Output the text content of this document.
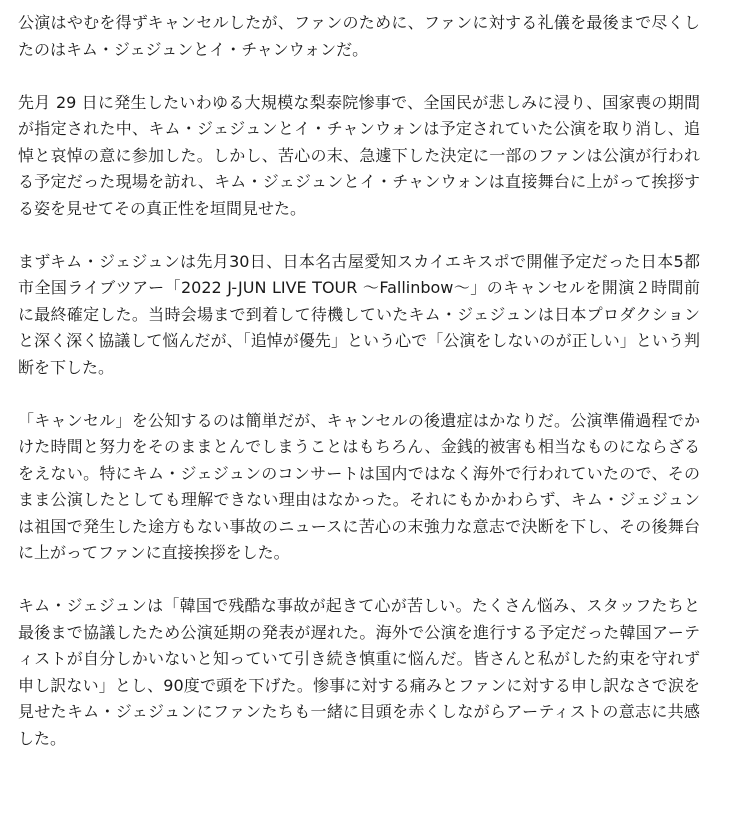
公演はやむを得ずキャンセルしたが、ファンのために、ファンに対する礼儀を最後まで尽くしたのはキム・ジェジュンとイ・チャンウォンだ。

先月 29 日に発生したいわゆる大規模な梨泰院惨事で、全国民が悲しみに浸り、国家喪の期間が指定された中、キム・ジェジュンとイ・チャンウォンは予定されていた公演を取り消し、追悼と哀悼の意に参加した。しかし、苦心の末、急遽下した決定に一部のファンは公演が行われる予定だった現場を訪れ、キム・ジェジュンとイ・チャンウォンは直接舞台に上がって挨拶する姿を見せてその真正性を垣間見せた。

まずキム・ジェジュンは先月30日、日本名古屋愛知スカイエキスポで開催予定だった日本5都市全国ライブツアー「2022 J-JUN LIVE TOUR ～Fallinbow～」のキャンセルを開演２時間前に最終確定した。当時会場まで到着して待機していたキム・ジェジュンは日本プロダクションと深く深く協議して悩んだが、「追悼が優先」という心で「公演をしないのが正しい」という判断を下した。

「キャンセル」を公知するのは簡単だが、キャンセルの後遺症はかなりだ。公演準備過程でかけた時間と努力をそのままとんでしまうことはもちろん、金銭的被害も相当なものにならざるをえない。特にキム・ジェジュンのコンサートは国内ではなく海外で行われていたので、そのまま公演したとしても理解できない理由はなかった。それにもかかわらず、キム・ジェジュンは祖国で発生した途方もない事故のニュースに苦心の末強力な意志で決断を下し、その後舞台に上がってファンに直接挨拶をした。

キム・ジェジュンは「韓国で残酷な事故が起きて心が苦しい。たくさん悩み、スタッフたちと最後まで協議したため公演延期の発表が遅れた。海外で公演を進行する予定だった韓国アーティストが自分しかいないと知っていて引き続き慎重に悩んだ。皆さんと私がした約束を守れず申し訳ない」とし、90度で頭を下げた。惨事に対する痛みとファンに対する申し訳なさで涙を見せたキム・ジェジュンにファンたちも一緒に目頭を赤くしながらアーティストの意志に共感した。
